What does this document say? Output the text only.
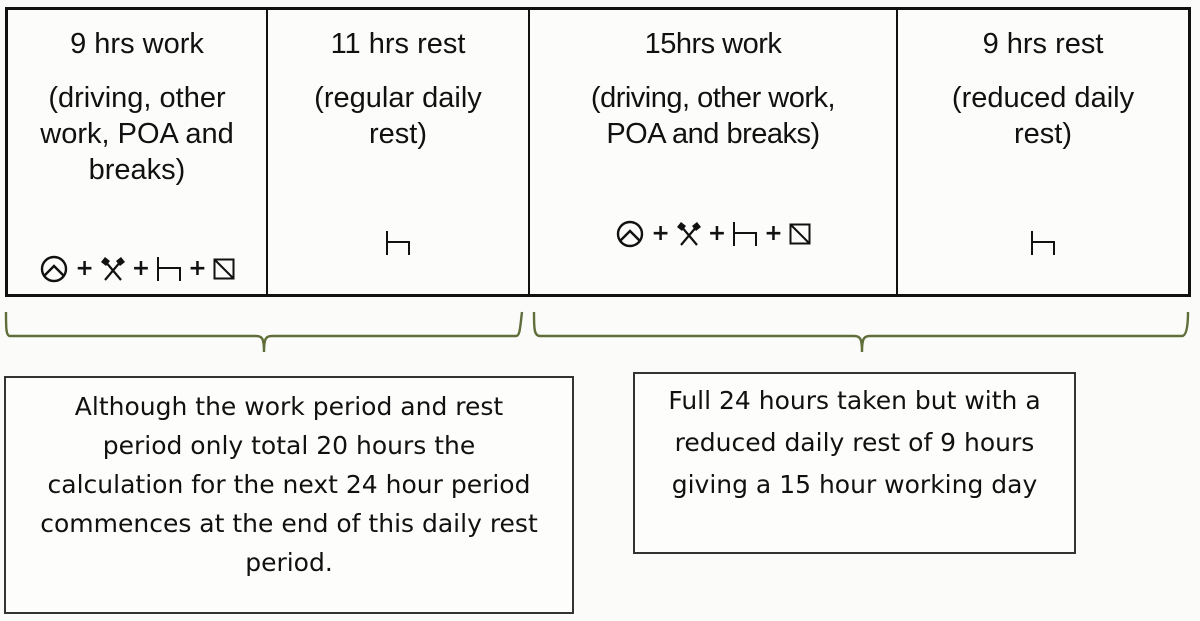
9 hrs work
(driving, other
work, POA and
breaks)
+ + +
11 hrs rest
(regular daily
rest)
15hrs work
(driving, other work,
POA and breaks)
+ + +
9 hrs rest
(reduced daily
rest)
Although the work period and rest
period only total 20 hours the
calculation for the next 24 hour period
commences at the end of this daily rest
period.
Full 24 hours taken but with a
reduced daily rest of 9 hours
giving a 15 hour working day
